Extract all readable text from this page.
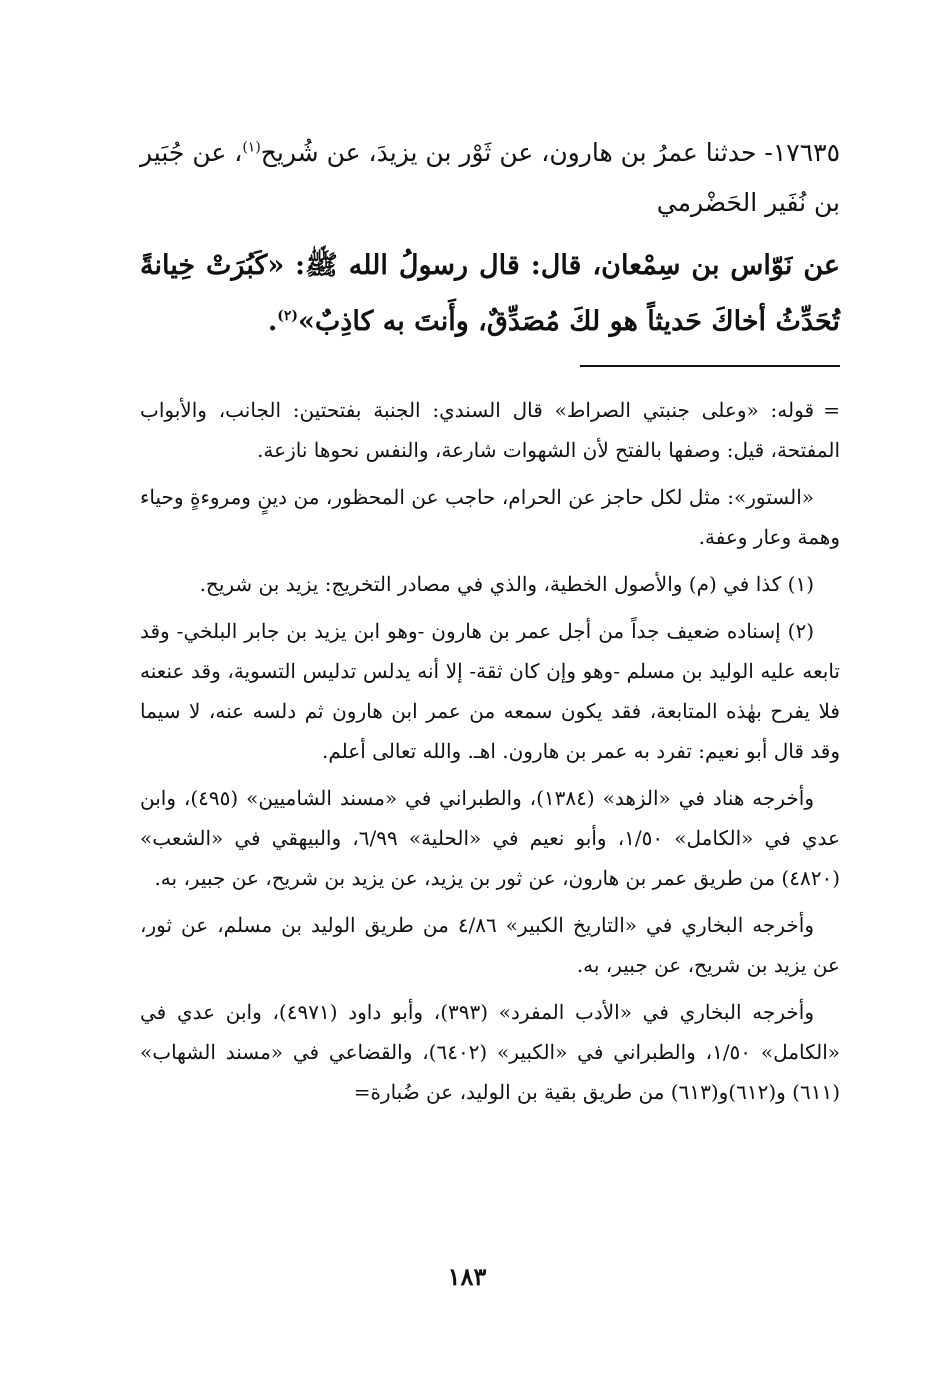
١٧٦٣٥- حدثنا عمرُ بن هارون، عن ثَوْر بن يزيدَ، عن شُريح$^{(١)}$، عن جُبَير بن نُفَير الحَضْرمي

عن نَوّاس بن سِمْعان، قال: قال رسولُ الله ﷺ: «كَبُرَتْ خِيانةً تُحَدِّثُ أخاكَ حَديثاً هو لكَ مُصَدِّقٌ، وأَنتَ به كاذِبٌ»$^{(٢)}$.

=قوله: «وعلى جنبتي الصراط» قال السندي: الجنبة بفتحتين: الجانب، والأبواب المفتحة، قيل: وصفها بالفتح لأن الشهوات شارعة، والنفس نحوها نازعة.

«الستور»: مثل لكل حاجز عن الحرام، حاجب عن المحظور، من دينٍ ومروءةٍ وحياء وهمة وعار وعفة.

(١) كذا في (م) والأصول الخطية، والذي في مصادر التخريج: يزيد بن شريح.

(٢) إسناده ضعيف جداً من أجل عمر بن هارون -وهو ابن يزيد بن جابر البلخي- وقد تابعه عليه الوليد بن مسلم -وهو وإن كان ثقة- إلا أنه يدلس تدليس التسوية، وقد عنعنه فلا يفرح بهٰذه المتابعة، فقد يكون سمعه من عمر ابن هارون ثم دلسه عنه، لا سيما وقد قال أبو نعيم: تفرد به عمر بن هارون. اهـ. والله تعالى أعلم.

وأخرجه هناد في «الزهد» (١٣٨٤)، والطبراني في «مسند الشاميين» (٤٩٥)، وابن عدي في «الكامل» ١/٥٠، وأبو نعيم في «الحلية» ٦/٩٩، والبيهقي في «الشعب» (٤٨٢٠) من طريق عمر بن هارون، عن ثور بن يزيد، عن يزيد بن شريح، عن جبير، به.

وأخرجه البخاري في «التاريخ الكبير» ٤/٨٦ من طريق الوليد بن مسلم، عن ثور، عن يزيد بن شريح، عن جبير، به.

وأخرجه البخاري في «الأدب المفرد» (٣٩٣)، وأبو داود (٤٩٧١)، وابن عدي في «الكامل» ١/٥٠، والطبراني في «الكبير» (٦٤٠٢)، والقضاعي في «مسند الشهاب» (٦١١) و(٦١٢)و(٦١٣) من طريق بقية بن الوليد، عن ضُبارة=

١٨٣
